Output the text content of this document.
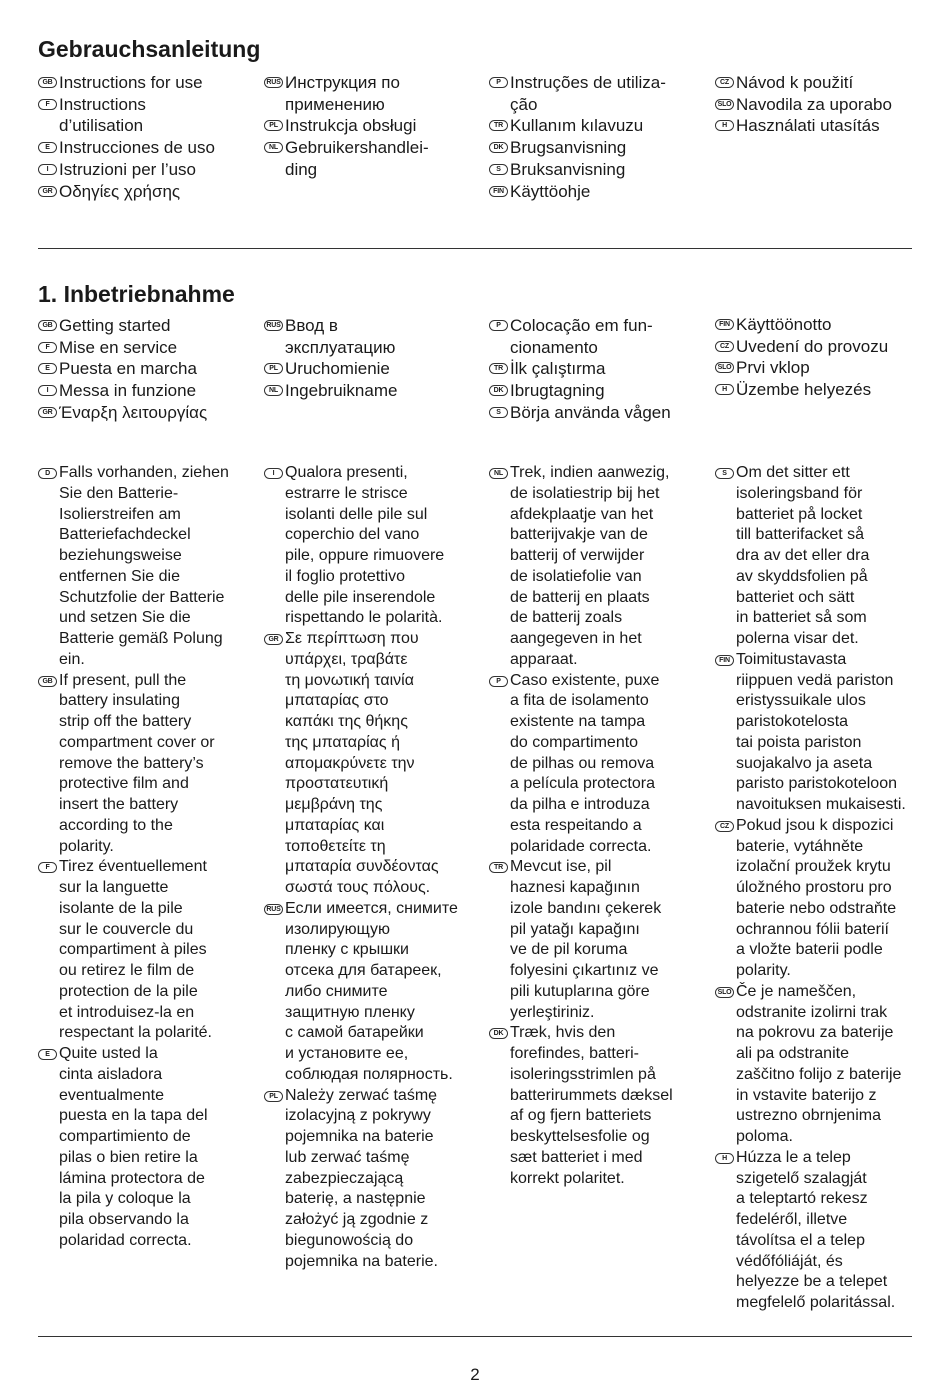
Gebrauchsanleitung
GB Instructions for use
F Instructions
d’utilisation
E Instrucciones de uso
I Istruzioni per l’uso
GR Οδηγίες χρήσης
RUS Инструкция по
применению
PL Instrukcja obsługi
NL Gebruikershandlei-
ding
P Instruções de utiliza-
ção
TR Kullanım kılavuzu
DK Brugsanvisning
S Bruksanvisning
FIN Käyttöohje
CZ Návod k použití
SLO Navodila za uporabo
H Használati utasítás
1. Inbetriebnahme
GB Getting started
F Mise en service
E Puesta en marcha
I Messa in funzione
GR Έναρξη λειτουργίας
RUS Ввод в
эксплуатацию
PL Uruchomienie
NL Ingebruikname
P Colocação em fun-
cionamento
TR İlk çalıştırma
DK Ibrugtagning
S Börja använda vågen
FIN Käyttöönotto
CZ Uvedení do provozu
SLO Prvi vklop
H Üzembe helyezés
D Falls vorhanden, ziehen
Sie den Batterie-
Isolierstreifen am
Batteriefachdeckel
beziehungsweise
entfernen Sie die
Schutzfolie der Batterie
und setzen Sie die
Batterie gemäß Polung
ein.
GB If present, pull the
battery insulating
strip off the battery
compartment cover or
remove the battery’s
protective film and
insert the battery
according to the
polarity.
F Tirez éventuellement
sur la languette
isolante de la pile
sur le couvercle du
compartiment à piles
ou retirez le film de
protection de la pile
et introduisez-la en
respectant la polarité.
E Quite usted la
cinta aisladora
eventualmente
puesta en la tapa del
compartimiento de
pilas o bien retire la
lámina protectora de
la pila y coloque la
pila observando la
polaridad correcta.
I Qualora presenti,
estrarre le strisce
isolanti delle pile sul
coperchio del vano
pile, oppure rimuovere
il foglio protettivo
delle pile inserendole
rispettando le polarità.
GR Σε περίπτωση που
υπάρχει, τραβάτε
τη μονωτική ταινία
μπαταρίας στο
καπάκι της θήκης
της μπαταρίας ή
απομακρύνετε την
προστατευτική
μεμβράνη της
μπαταρίας και
τοποθετείτε τη
μπαταρία συνδέοντας
σωστά τους πόλους.
RUS Если имеется, снимите
изолирующую
пленку с крышки
отсека для батареек,
либо снимите
защитную пленку
с самой батарейки
и установите ее,
соблюдая полярность.
PL Należy zerwać taśmę
izolacyjną z pokrywy
pojemnika na baterie
lub zerwać taśmę
zabezpieczającą
baterię, a następnie
założyć ją zgodnie z
biegunowością do
pojemnika na baterie.
NL Trek, indien aanwezig,
de isolatiestrip bij het
afdekplaatje van het
batterijvakje van de
batterij of verwijder
de isolatiefolie van
de batterij en plaats
de batterij zoals
aangegeven in het
apparaat.
P Caso existente, puxe
a fita de isolamento
existente na tampa
do compartimento
de pilhas ou remova
a película protectora
da pilha e introduza
esta respeitando a
polaridade correcta.
TR Mevcut ise, pil
haznesi kapağının
izole bandını çekerek
pil yatağı kapağını
ve de pil koruma
folyesini çıkartınız ve
pili kutuplarına göre
yerleştiriniz.
DK Træk, hvis den
forefindes, batteri-
isoleringsstrimlen på
batterirummets dæksel
af og fjern batteriets
beskyttelsesfolie og
sæt batteriet i med
korrekt polaritet.
S Om det sitter ett
isoleringsband för
batteriet på locket
till batterifacket så
dra av det eller dra
av skyddsfolien på
batteriet och sätt
in batteriet så som
polerna visar det.
FIN Toimitustavasta
riippuen vedä pariston
eristyssuikale ulos
paristokotelosta
tai poista pariston
suojakalvo ja aseta
paristo paristokoteloon
navoituksen mukaisesti.
CZ Pokud jsou k dispozici
baterie, vytáhněte
izolační proužek krytu
úložného prostoru pro
baterie nebo odstraňte
ochrannou fólii baterií
a vložte baterii podle
polarity.
SLO Če je nameščen,
odstranite izolirni trak
na pokrovu za baterije
ali pa odstranite
zaščitno folijo z baterije
in vstavite baterijo z
ustrezno obrnjenima
poloma.
H Húzza le a telep
szigetelő szalagját
a teleptartó rekesz
fedeléről, illetve
távolítsa el a telep
védőfóliáját, és
helyezze be a telepet
megfelelő polaritással.
2
